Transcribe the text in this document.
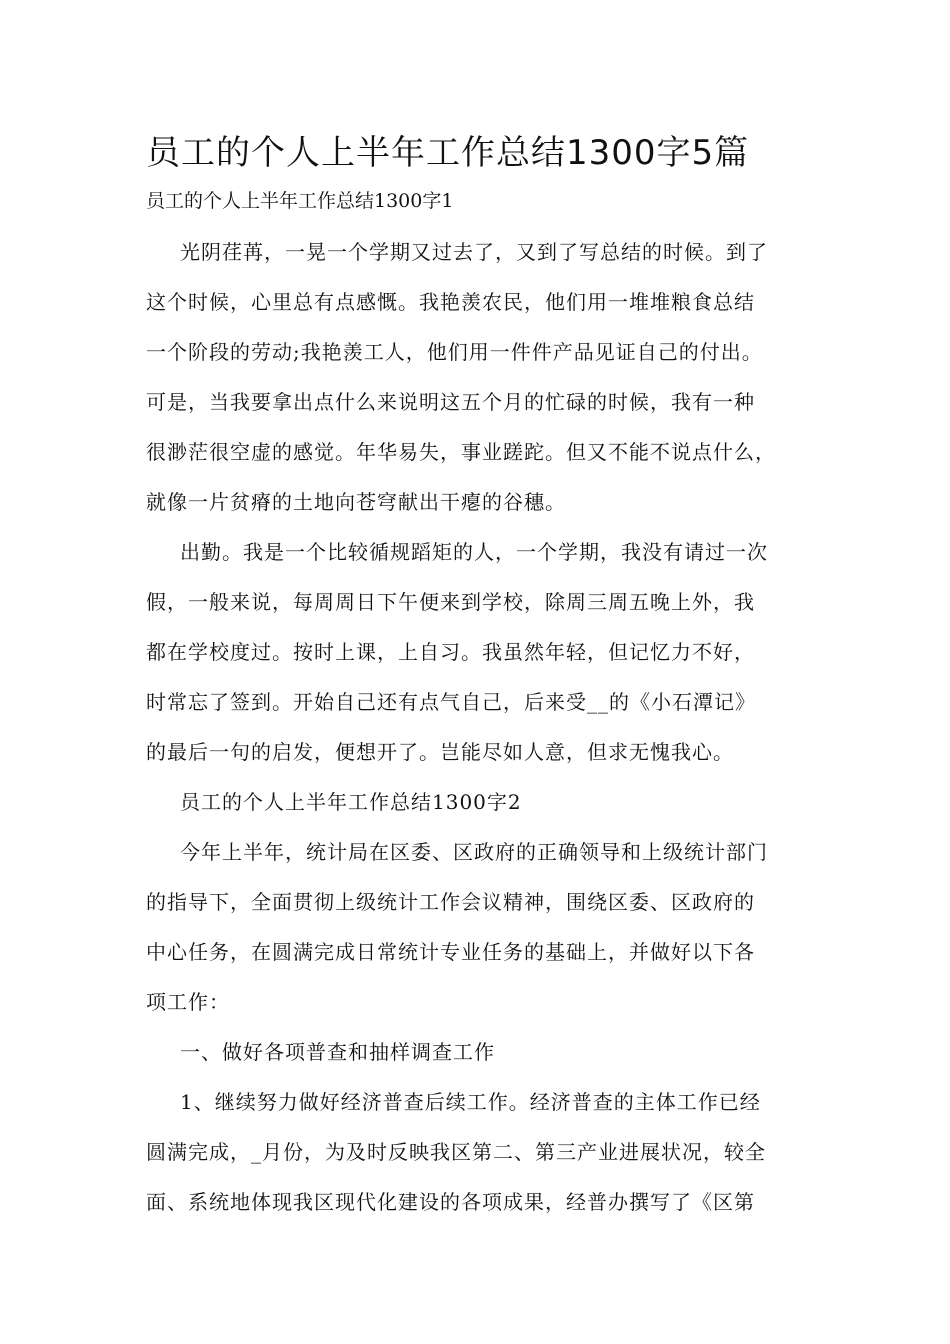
员工的个人上半年工作总结1300字5篇

员工的个人上半年工作总结1300字1

光阴荏苒，一晃一个学期又过去了，又到了写总结的时候。到了
这个时候，心里总有点感慨。我艳羡农民，他们用一堆堆粮食总结
一个阶段的劳动;我艳羡工人，他们用一件件产品见证自己的付出。
可是，当我要拿出点什么来说明这五个月的忙碌的时候，我有一种
很渺茫很空虚的感觉。年华易失，事业蹉跎。但又不能不说点什么，
就像一片贫瘠的土地向苍穹献出干瘪的谷穗。
出勤。我是一个比较循规蹈矩的人，一个学期，我没有请过一次
假，一般来说，每周周日下午便来到学校，除周三周五晚上外，我
都在学校度过。按时上课，上自习。我虽然年轻，但记忆力不好，
时常忘了签到。开始自己还有点气自己，后来受__的《小石潭记》
的最后一句的启发，便想开了。岂能尽如人意，但求无愧我心。
员工的个人上半年工作总结1300字2
今年上半年，统计局在区委、区政府的正确领导和上级统计部门
的指导下，全面贯彻上级统计工作会议精神，围绕区委、区政府的
中心任务，在圆满完成日常统计专业任务的基础上，并做好以下各
项工作：
一、做好各项普查和抽样调查工作
1、继续努力做好经济普查后续工作。经济普查的主体工作已经
圆满完成，_月份，为及时反映我区第二、第三产业进展状况，较全
面、系统地体现我区现代化建设的各项成果，经普办撰写了《区第
